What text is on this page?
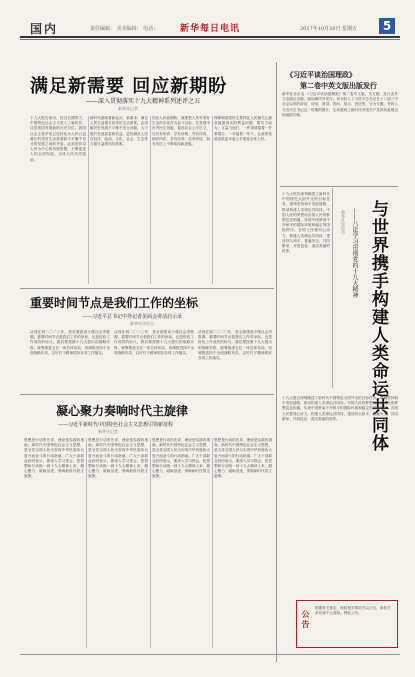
国内	责任编辑： 美术编辑： 电话： 新华每日电讯	2017年10月20日 星期五	5
满足新需要 回应新期盼
——深入贯彻落实十九大精神系列述评之五
新华社记者
十九大报告指出，经过长期努力，中国特色社会主义进入了新时代，这是我国发展新的历史方位。我国社会主要矛盾已经转化为人民日益增长的美好生活需要和不平衡不充分的发展之间的矛盾。必须坚持以人民为中心的发展思想，不断促进人的全面发展、全体人民共同富裕。
新时代意味着新起点、新要求。满足人民日益增长的美好生活需要，必须解决好发展不平衡不充分问题，大力提升发展质量和效益，更好满足人民在经济、政治、文化、社会、生态等方面日益增长的需要。
回应人民新期盼，就要把人民对美好生活的向往作为奋斗目标，在发展中补齐民生短板、促进社会公平正义，在幼有所育、学有所教、劳有所得、病有所医、老有所养、住有所居、弱有所扶上不断取得新进展。
保障和改善民生要抓住人民最关心最直接最现实的利益问题，既尽力而为，又量力而行，一件事情接着一件事情办，一年接着一年干，让改革发展成果更多更公平惠及全体人民。
《习近平谈治国理政》
第二卷中英文版出版发行
新华社北京电 《习近平谈治国理政》第二卷中文版、英文版，近日由外文出版社出版，面向海内外发行。该书收入了习近平总书记在十八届三中全会以来的讲话、谈话、演讲、答问、批示、贺信等，分为专题，并收入习近平总书记这一时期的图片，生动展现了新时代中国共产党的执政理念和治国方略。
十九大报告深刻阐述了新时代中国特色大国外交的目标任务，强调坚持和平发展道路，推动构建人类命运共同体。中国人民的梦想同各国人民的梦想息息相通，实现中国梦离不开和平的国际环境和稳定的国际秩序。各国人民要同心协力，构建人类命运共同体，建设持久和平、普遍安全、共同繁荣、开放包容、清洁美丽的世界。	与世界携手构建人类命运共同体
——八论学习贯彻党的十九大精神
新华社评论员
十九大报告深刻阐述了新时代中国特色大国外交的目标任务，强调坚持和平发展道路，推动构建人类命运共同体。中国人民的梦想同各国人民的梦想息息相通，实现中国梦离不开和平的国际环境和稳定的国际秩序。各国人民要同心协力，构建人类命运共同体，建设持久和平、普遍安全、共同繁荣、开放包容、清洁美丽的世界。
重要时间节点是我们工作的坐标
——习近平总书记中外记者见面会讲话启示录
新华社评论员
从现在到二〇二〇年，是全面建成小康社会决胜期。重要时间节点是我们工作的坐标，也是检验工作成效的标尺。我们要按照十九大提出的战略安排，统筹推进五位一体总体布局，协调推进四个全面战略布局，以钉钉子精神抓好各项工作落实。
从现在到二〇二〇年，是全面建成小康社会决胜期。重要时间节点是我们工作的坐标，也是检验工作成效的标尺。我们要按照十九大提出的战略安排，统筹推进五位一体总体布局，协调推进四个全面战略布局，以钉钉子精神抓好各项工作落实。
从现在到二〇二〇年，是全面建成小康社会决胜期。重要时间节点是我们工作的坐标，也是检验工作成效的标尺。我们要按照十九大提出的战略安排，统筹推进五位一体总体布局，协调推进四个全面战略布局，以钉钉子精神抓好各项工作落实。
凝心聚力奏响时代主旋律
——习近平新时代中国特色社会主义思想引领新征程
新华社记者
思想是行动的先导，理论是实践的指南。新时代中国特色社会主义思想，是全党全国人民为实现中华民族伟大复兴而奋斗的行动指南。广大干部群众纷纷表示，要深入学习领会，把思想和行动统一到十九大精神上来，凝心聚力，砥砺奋进，奏响新时代的主旋律。
思想是行动的先导，理论是实践的指南。新时代中国特色社会主义思想，是全党全国人民为实现中华民族伟大复兴而奋斗的行动指南。广大干部群众纷纷表示，要深入学习领会，把思想和行动统一到十九大精神上来，凝心聚力，砥砺奋进，奏响新时代的主旋律。
思想是行动的先导，理论是实践的指南。新时代中国特色社会主义思想，是全党全国人民为实现中华民族伟大复兴而奋斗的行动指南。广大干部群众纷纷表示，要深入学习领会，把思想和行动统一到十九大精神上来，凝心聚力，砥砺奋进，奏响新时代的主旋律。
思想是行动的先导，理论是实践的指南。新时代中国特色社会主义思想，是全党全国人民为实现中华民族伟大复兴而奋斗的行动指南。广大干部群众纷纷表示，要深入学习领会，把思想和行动统一到十九大精神上来，凝心聚力，砥砺奋进，奏响新时代的主旋律。
公告
根据有关规定，现将相关事项予以公告，请有关单位和个人周知。特此公告。
